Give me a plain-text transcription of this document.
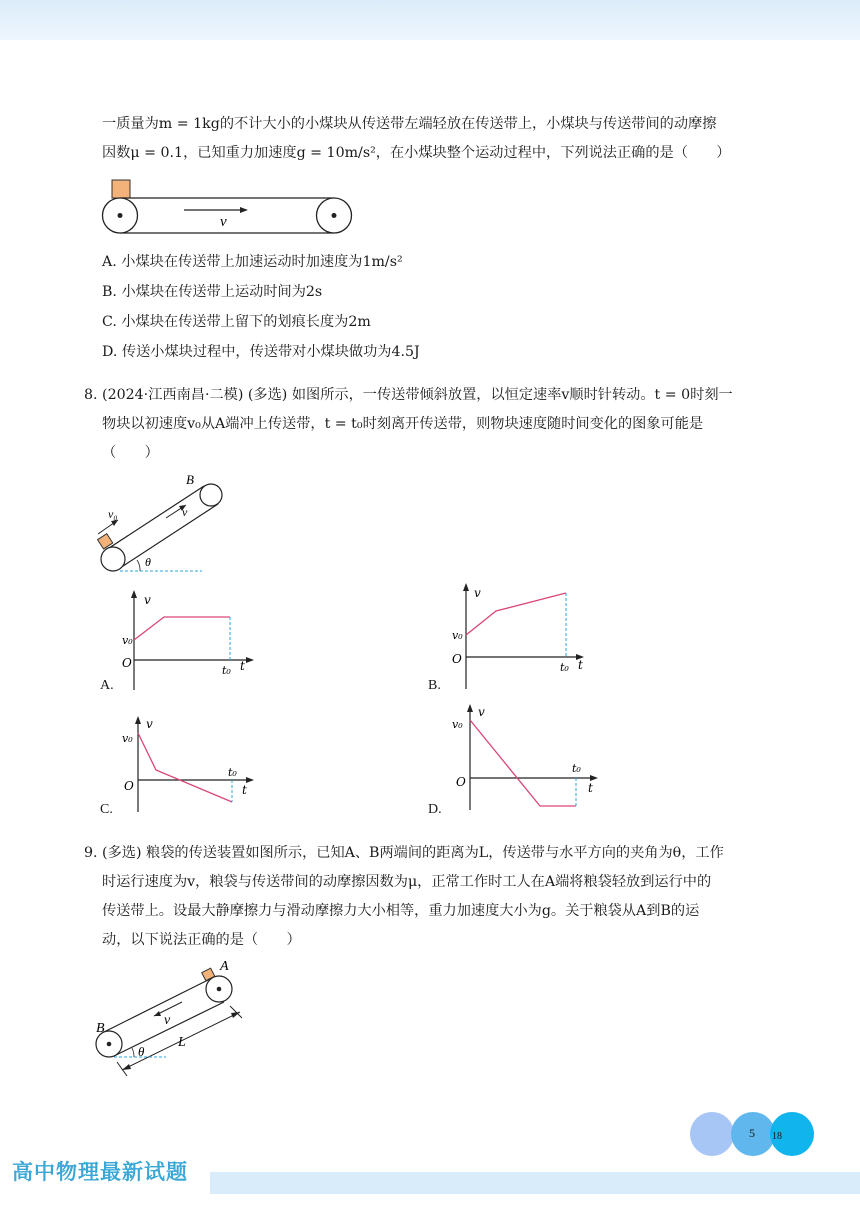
一质量为m = 1kg的不计大小的小煤块从传送带左端轻放在传送带上，小煤块与传送带间的动摩擦
因数μ = 0.1，已知重力加速度g = 10m/s²，在小煤块整个运动过程中，下列说法正确的是（　　）
v
A. 小煤块在传送带上加速运动时加速度为1m/s²
B. 小煤块在传送带上运动时间为2s
C. 小煤块在传送带上留下的划痕长度为2m
D. 传送小煤块过程中，传送带对小煤块做功为4.5J
8. (2024·江西南昌·二模) (多选) 如图所示，一传送带倾斜放置，以恒定速率v顺时针转动。t = 0时刻一
物块以初速度v₀从A端冲上传送带，t = t₀时刻离开传送带，则物块速度随时间变化的图象可能是
（　　）
B
v₀	v
θ
v
v₀
O
t₀ t
A.
v
v₀
O
t₀ t
B.
v
v₀
O
t₀
t
C.
v
v₀
O
t₀
t
D.
9. (多选) 粮袋的传送装置如图所示，已知A、B两端间的距离为L，传送带与水平方向的夹角为θ，工作
时运行速度为v，粮袋与传送带间的动摩擦因数为μ，正常工作时工人在A端将粮袋轻放到运行中的
传送带上。设最大静摩擦力与滑动摩擦力大小相等，重力加速度大小为g。关于粮袋从A到B的运
动，以下说法正确的是（　　）
A
B
v
L
θ
5 18
高中物理最新试题
